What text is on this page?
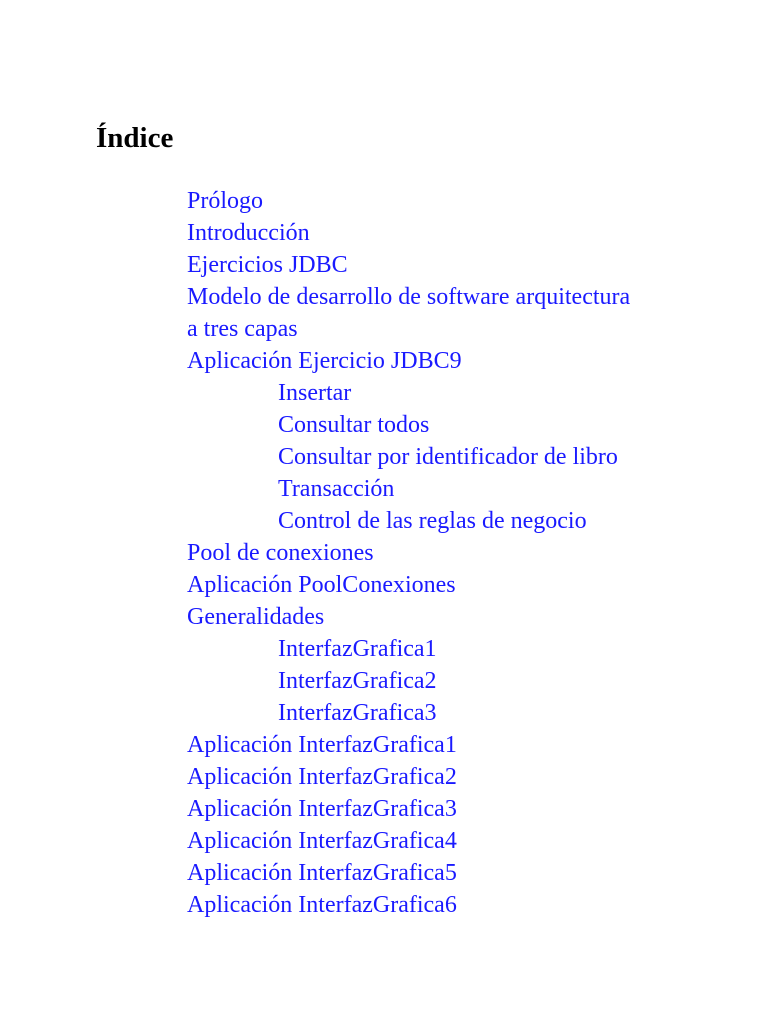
Índice
Prólogo
Introducción
Ejercicios JDBC
Modelo de desarrollo de software arquitectura
a tres capas
Aplicación Ejercicio JDBC9
Insertar
Consultar todos
Consultar por identificador de libro
Transacción
Control de las reglas de negocio
Pool de conexiones
Aplicación PoolConexiones
Generalidades
InterfazGrafica1
InterfazGrafica2
InterfazGrafica3
Aplicación InterfazGrafica1
Aplicación InterfazGrafica2
Aplicación InterfazGrafica3
Aplicación InterfazGrafica4
Aplicación InterfazGrafica5
Aplicación InterfazGrafica6
